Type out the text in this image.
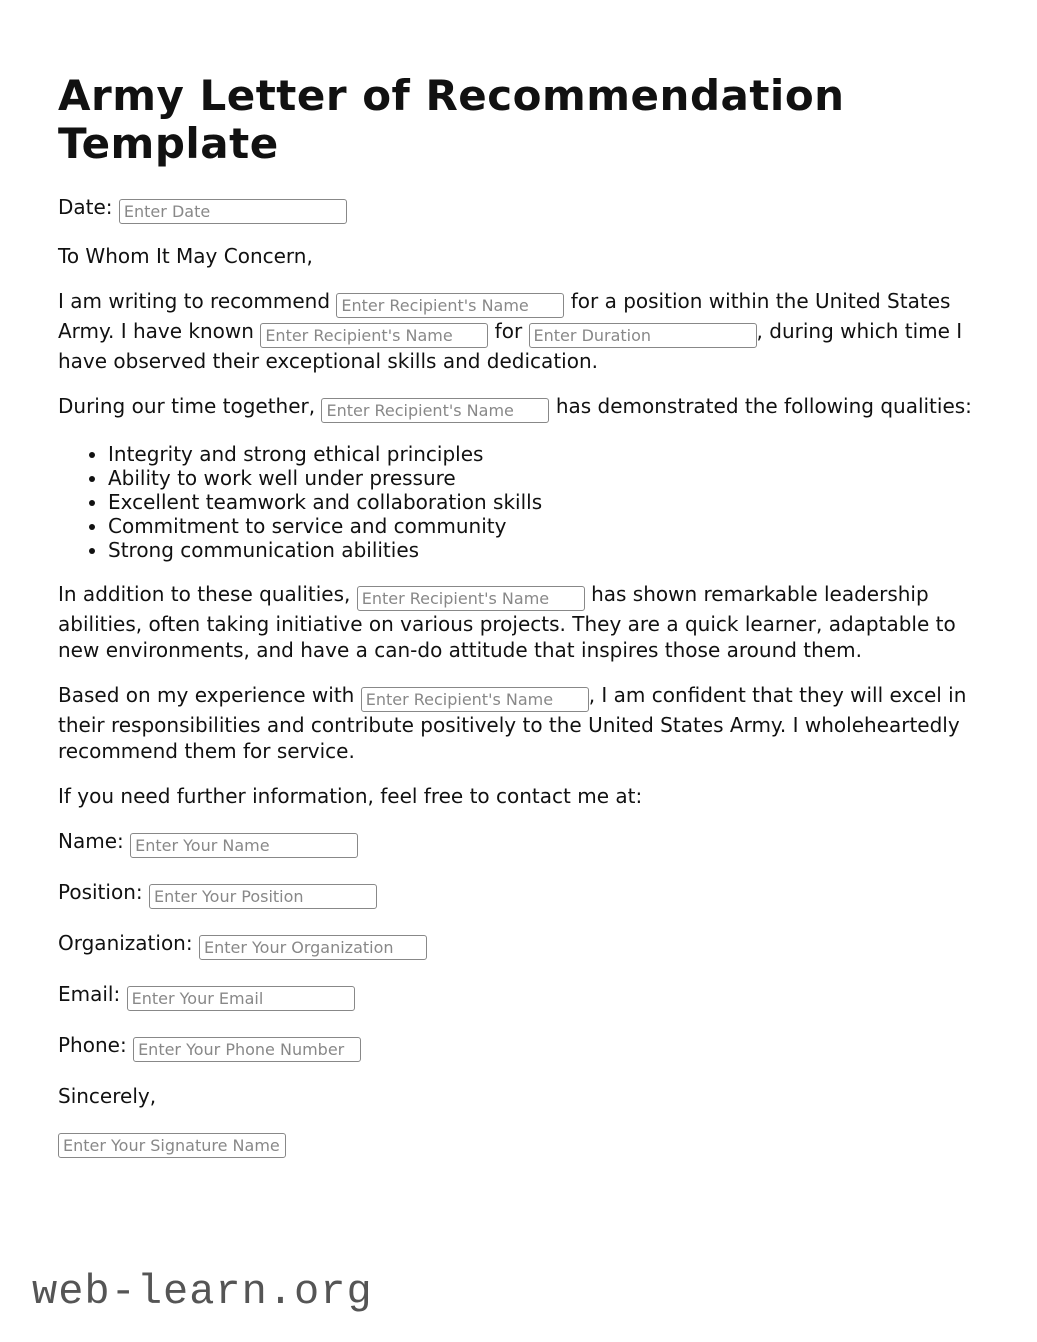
Army Letter of Recommendation Template

Date: Enter Date

To Whom It May Concern,

I am writing to recommend Enter Recipient's Name	for a position within the United States Army. I have known Enter Recipient's Name	for Enter Duration	, during which time I have observed their exceptional skills and dedication.

During our time together, Enter Recipient's Name	has demonstrated the following qualities:

• Integrity and strong ethical principles
• Ability to work well under pressure
• Excellent teamwork and collaboration skills
• Commitment to service and community
• Strong communication abilities

In addition to these qualities, Enter Recipient's Name	has shown remarkable leadership abilities, often taking initiative on various projects. They are a quick learner, adaptable to new environments, and have a can-do attitude that inspires those around them.

Based on my experience with Enter Recipient's Name	, I am confident that they will excel in their responsibilities and contribute positively to the United States Army. I wholeheartedly recommend them for service.

If you need further information, feel free to contact me at:

Name: Enter Your Name
Position: Enter Your Position
Organization: Enter Your Organization
Email: Enter Your Email
Phone: Enter Your Phone Number

Sincerely,

Enter Your Signature Name
web-learn.org
